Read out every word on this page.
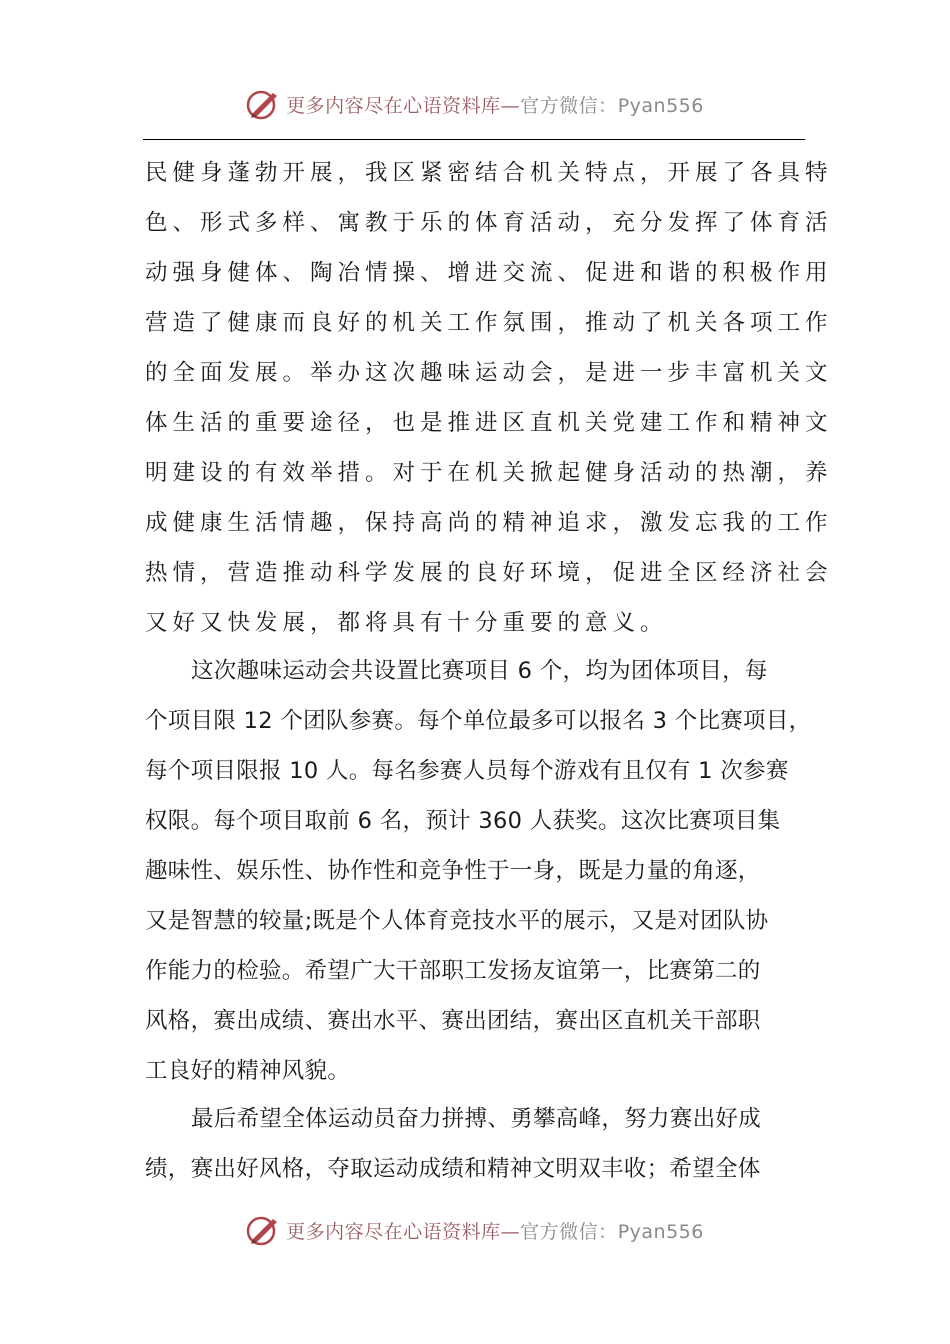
更多内容尽在心语资料库—官方微信：Pyan556
民健身蓬勃开展，我区紧密结合机关特点，开展了各具特
色、形式多样、寓教于乐的体育活动，充分发挥了体育活
动强身健体、陶冶情操、增进交流、促进和谐的积极作用
营造了健康而良好的机关工作氛围，推动了机关各项工作
的全面发展。举办这次趣味运动会，是进一步丰富机关文
体生活的重要途径，也是推进区直机关党建工作和精神文
明建设的有效举措。对于在机关掀起健身活动的热潮，养
成健康生活情趣，保持高尚的精神追求，激发忘我的工作
热情，营造推动科学发展的良好环境，促进全区经济社会
又好又快发展，都将具有十分重要的意义。
这次趣味运动会共设置比赛项目 6 个，均为团体项目，每
个项目限 12 个团队参赛。每个单位最多可以报名 3 个比赛项目，
每个项目限报 10 人。每名参赛人员每个游戏有且仅有 1 次参赛
权限。每个项目取前 6 名，预计 360 人获奖。这次比赛项目集
趣味性、娱乐性、协作性和竞争性于一身，既是力量的角逐，
又是智慧的较量;既是个人体育竞技水平的展示，又是对团队协
作能力的检验。希望广大干部职工发扬友谊第一，比赛第二的
风格，赛出成绩、赛出水平、赛出团结，赛出区直机关干部职
工良好的精神风貌。
最后希望全体运动员奋力拼搏、勇攀高峰，努力赛出好成
绩，赛出好风格，夺取运动成绩和精神文明双丰收；希望全体
更多内容尽在心语资料库—官方微信：Pyan556
